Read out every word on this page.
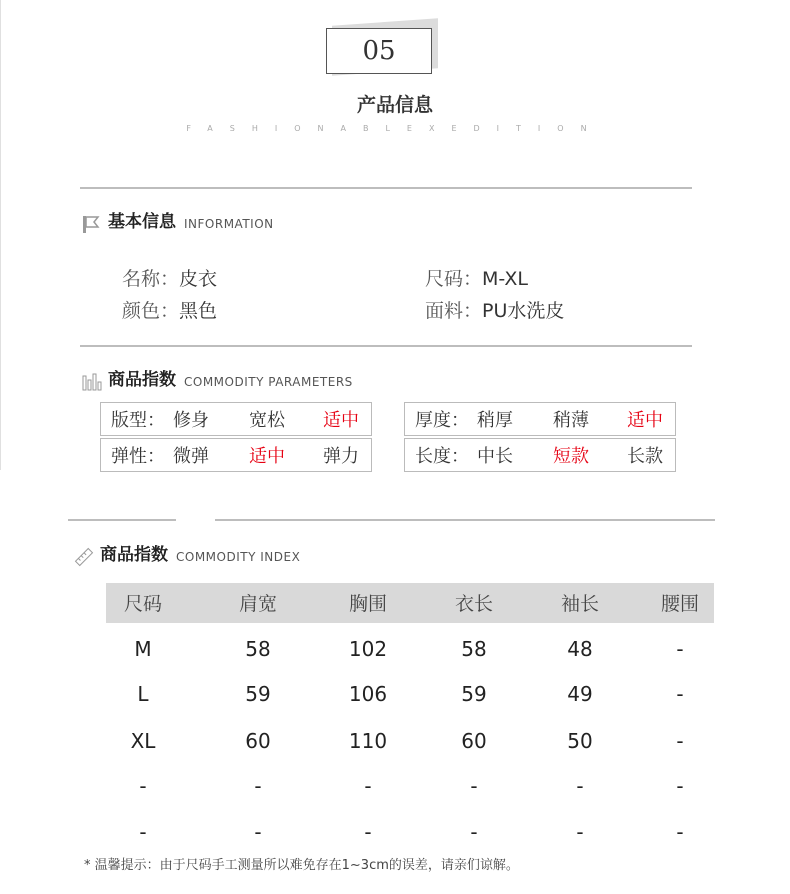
05
产品信息
FASHIONABLEXEDITION
基本信息 INFORMATION
名称：皮衣	尺码：M-XL
颜色：黑色	面料：PU水洗皮
商品指数 COMMODITY PARAMETERS
版型： 修身 宽松 适中	厚度： 稍厚 稍薄 适中
弹性： 微弹 适中 弹力	长度： 中长 短款 长款
商品指数 COMMODITY INDEX
尺码	肩宽	胸围	衣长	袖长	腰围
M	58	102	58	48	-
L	59	106	59	49	-
XL	60	110	60	50	-
-	-	-	-	-	-
-	-	-	-	-	-
* 温馨提示：由于尺码手工测量所以难免存在1~3cm的误差，请亲们谅解。
